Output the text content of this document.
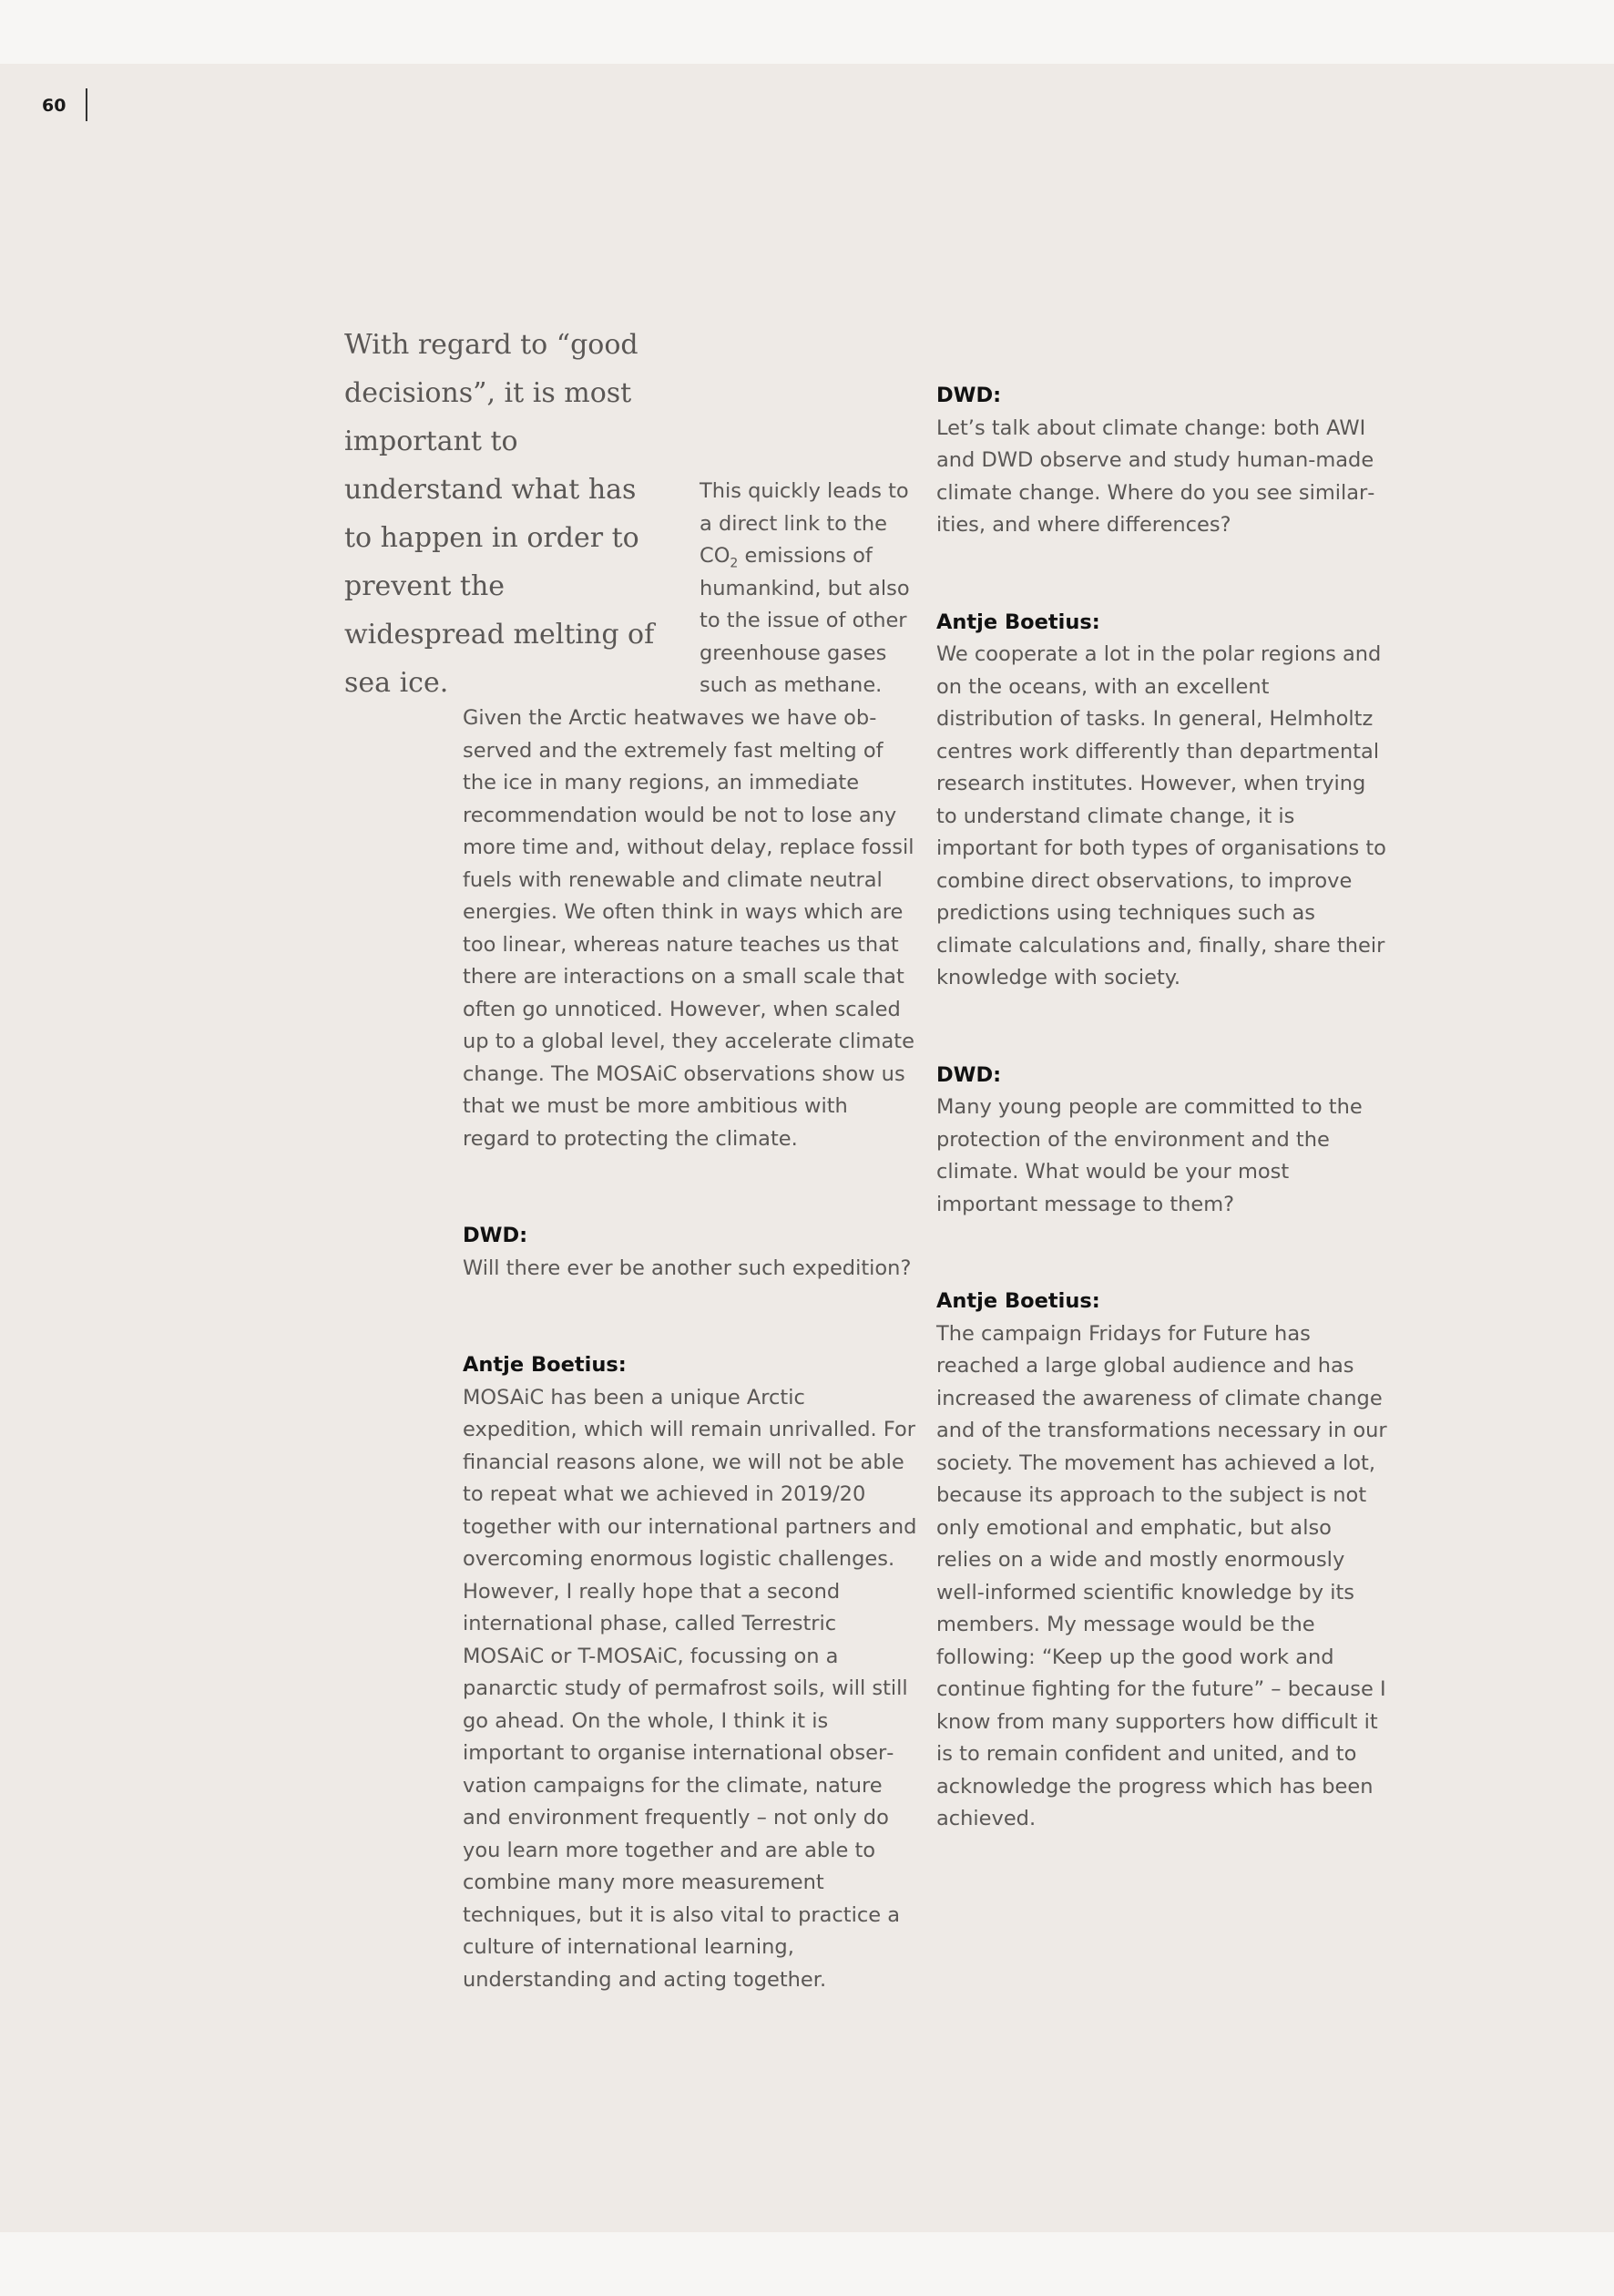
60

With regard to “good decisions”, it is most important to understand what has to happen in order to prevent the widespread melting of sea ice.

This quickly leads to a direct link to the $CO_2$ emissions of humankind, but also to the issue of other greenhouse gases such as methane.

Given the Arctic heatwaves we have observed and the extremely fast melting of the ice in many regions, an immediate recommendation would be not to lose any more time and, without delay, replace fossil fuels with renewable and climate neutral energies. We often think in ways which are too linear, whereas nature teaches us that there are interactions on a small scale that often go unnoticed. However, when scaled up to a global level, they accelerate climate change. The MOSAiC observations show us that we must be more ambitious with regard to protecting the climate.

DWD:

Will there ever be another such expedition?

Antje Boetius:

MOSAiC has been a unique Arctic expedition, which will remain unrivalled. For financial reasons alone, we will not be able to repeat what we achieved in 2019/20 together with our international partners and overcoming enormous logistic challenges. However, I really hope that a second international phase, called Terrestric MOSAiC or T-MOSAiC, focussing on a panarctic study of permafrost soils, will still go ahead. On the whole, I think it is important to organise international observation campaigns for the climate, nature and environment frequently – not only do you learn more together and are able to combine many more measurement techniques, but it is also vital to practice a culture of international learning, understanding and acting together.

DWD:

Let’s talk about climate change: both AWI and DWD observe and study human-made climate change. Where do you see similarities, and where differences?

Antje Boetius:

We cooperate a lot in the polar regions and on the oceans, with an excellent distribution of tasks. In general, Helmholtz centres work differently than departmental research institutes. However, when trying to understand climate change, it is important for both types of organisations to combine direct observations, to improve predictions using techniques such as climate calculations and, finally, share their knowledge with society.

DWD:

Many young people are committed to the protection of the environment and the climate. What would be your most important message to them?

Antje Boetius:

The campaign Fridays for Future has reached a large global audience and has increased the awareness of climate change and of the transformations necessary in our society. The movement has achieved a lot, because its approach to the subject is not only emotional and emphatic, but also relies on a wide and mostly enormously well-informed scientific knowledge by its members. My message would be the following: “Keep up the good work and continue fighting for the future” – because I know from many supporters how difficult it is to remain confident and united, and to acknowledge the progress which has been achieved.
